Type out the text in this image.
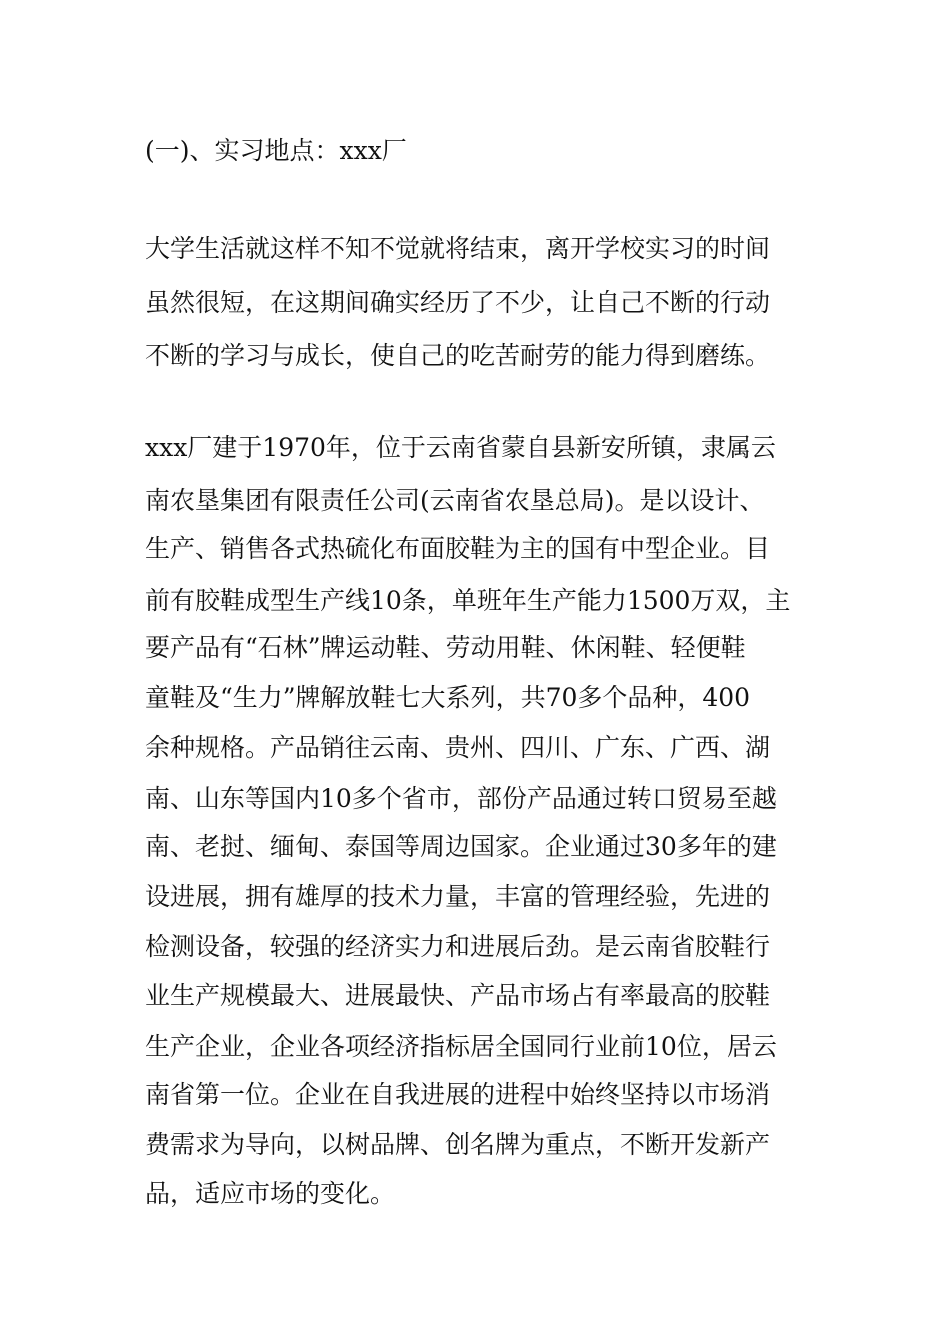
(一)、实习地点：xxx厂
大学生活就这样不知不觉就将结束，离开学校实习的时间
虽然很短，在这期间确实经历了不少，让自己不断的行动
不断的学习与成长，使自己的吃苦耐劳的能力得到磨练。
xxx厂建于1970年，位于云南省蒙自县新安所镇，隶属云
南农垦集团有限责任公司(云南省农垦总局)。是以设计、
生产、销售各式热硫化布面胶鞋为主的国有中型企业。目
前有胶鞋成型生产线10条，单班年生产能力1500万双，主
要产品有“石林”牌运动鞋、劳动用鞋、休闲鞋、轻便鞋
童鞋及“生力”牌解放鞋七大系列，共70多个品种，400
余种规格。产品销往云南、贵州、四川、广东、广西、湖
南、山东等国内10多个省市，部份产品通过转口贸易至越
南、老挝、缅甸、泰国等周边国家。企业通过30多年的建
设进展，拥有雄厚的技术力量，丰富的管理经验，先进的
检测设备，较强的经济实力和进展后劲。是云南省胶鞋行
业生产规模最大、进展最快、产品市场占有率最高的胶鞋
生产企业，企业各项经济指标居全国同行业前10位，居云
南省第一位。企业在自我进展的进程中始终坚持以市场消
费需求为导向，以树品牌、创名牌为重点，不断开发新产
品，适应市场的变化。
